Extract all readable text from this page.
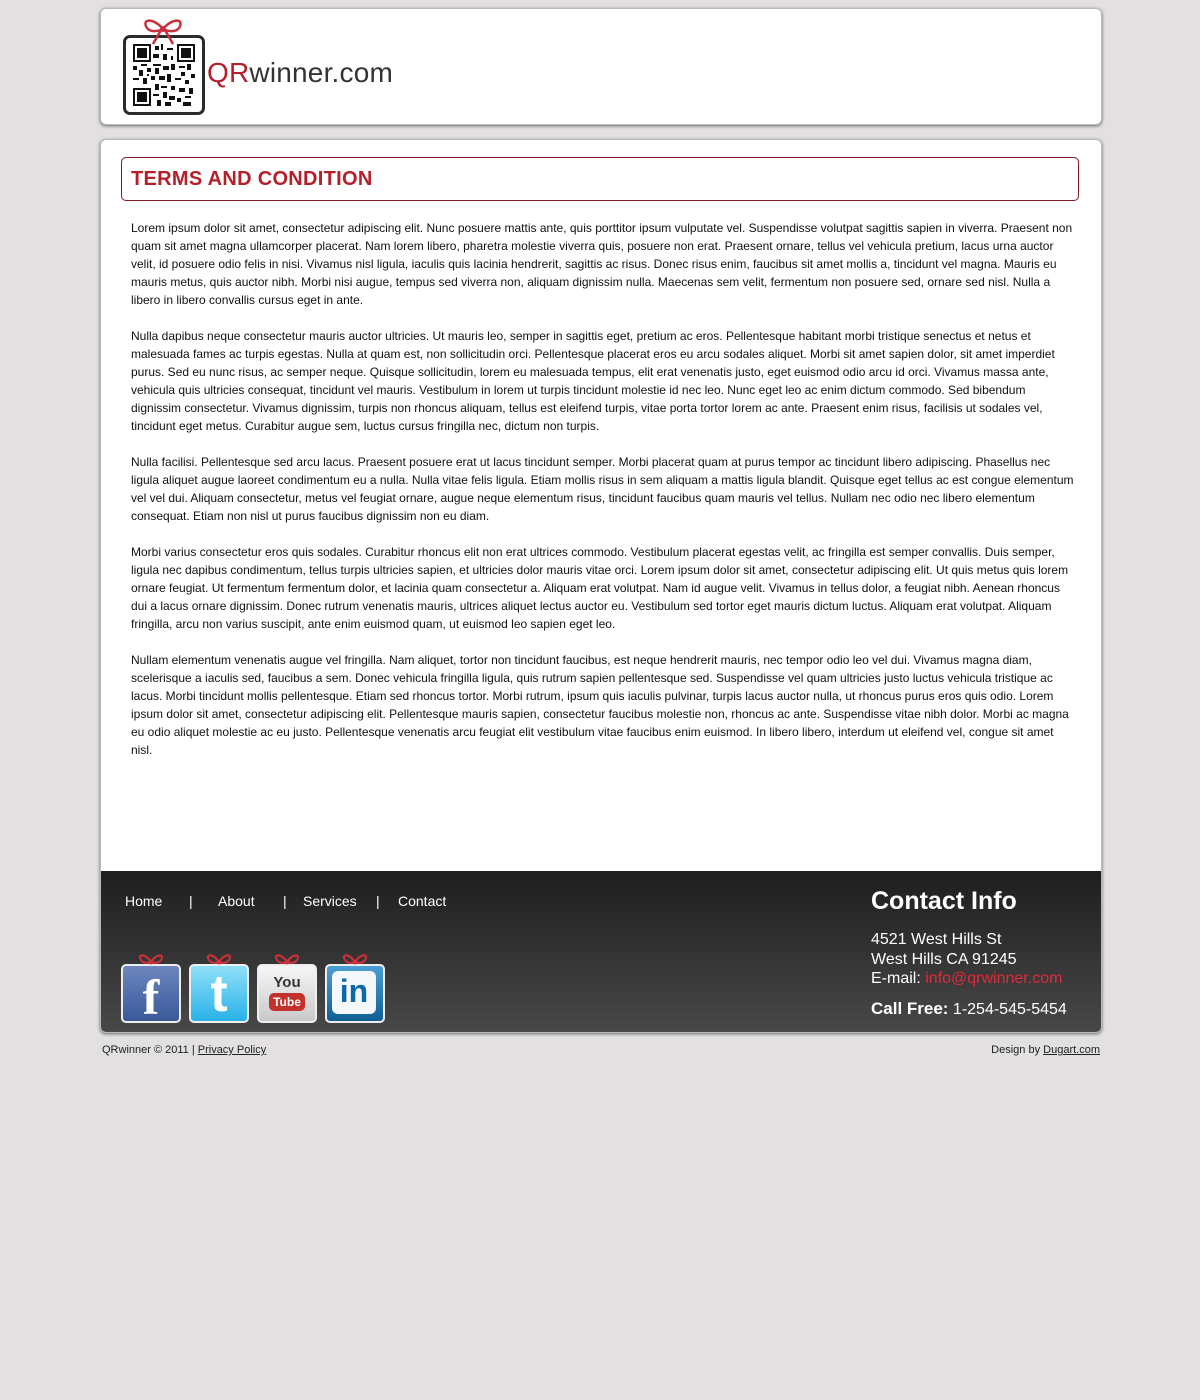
QRwinner.com
TERMS AND CONDITION

Lorem ipsum dolor sit amet, consectetur adipiscing elit. Nunc posuere mattis ante, quis porttitor ipsum vulputate vel. Suspendisse volutpat sagittis sapien in viverra. Praesent non quam sit amet magna ullamcorper placerat. Nam lorem libero, pharetra molestie viverra quis, posuere non erat. Praesent ornare, tellus vel vehicula pretium, lacus urna auctor velit, id posuere odio felis in nisi. Vivamus nisl ligula, iaculis quis lacinia hendrerit, sagittis ac risus. Donec risus enim, faucibus sit amet mollis a, tincidunt vel magna. Mauris eu mauris metus, quis auctor nibh. Morbi nisi augue, tempus sed viverra non, aliquam dignissim nulla. Maecenas sem velit, fermentum non posuere sed, ornare sed nisl. Nulla a libero in libero convallis cursus eget in ante.

Nulla dapibus neque consectetur mauris auctor ultricies. Ut mauris leo, semper in sagittis eget, pretium ac eros. Pellentesque habitant morbi tristique senectus et netus et malesuada fames ac turpis egestas. Nulla at quam est, non sollicitudin orci. Pellentesque placerat eros eu arcu sodales aliquet. Morbi sit amet sapien dolor, sit amet imperdiet purus. Sed eu nunc risus, ac semper neque. Quisque sollicitudin, lorem eu malesuada tempus, elit erat venenatis justo, eget euismod odio arcu id orci. Vivamus massa ante, vehicula quis ultricies consequat, tincidunt vel mauris. Vestibulum in lorem ut turpis tincidunt molestie id nec leo. Nunc eget leo ac enim dictum commodo. Sed bibendum dignissim consectetur. Vivamus dignissim, turpis non rhoncus aliquam, tellus est eleifend turpis, vitae porta tortor lorem ac ante. Praesent enim risus, facilisis ut sodales vel, tincidunt eget metus. Curabitur augue sem, luctus cursus fringilla nec, dictum non turpis.

Nulla facilisi. Pellentesque sed arcu lacus. Praesent posuere erat ut lacus tincidunt semper. Morbi placerat quam at purus tempor ac tincidunt libero adipiscing. Phasellus nec ligula aliquet augue laoreet condimentum eu a nulla. Nulla vitae felis ligula. Etiam mollis risus in sem aliquam a mattis ligula blandit. Quisque eget tellus ac est congue elementum vel vel dui. Aliquam consectetur, metus vel feugiat ornare, augue neque elementum risus, tincidunt faucibus quam mauris vel tellus. Nullam nec odio nec libero elementum consequat. Etiam non nisl ut purus faucibus dignissim non eu diam.

Morbi varius consectetur eros quis sodales. Curabitur rhoncus elit non erat ultrices commodo. Vestibulum placerat egestas velit, ac fringilla est semper convallis. Duis semper, ligula nec dapibus condimentum, tellus turpis ultricies sapien, et ultricies dolor mauris vitae orci. Lorem ipsum dolor sit amet, consectetur adipiscing elit. Ut quis metus quis lorem ornare feugiat. Ut fermentum fermentum dolor, et lacinia quam consectetur a. Aliquam erat volutpat. Nam id augue velit. Vivamus in tellus dolor, a feugiat nibh. Aenean rhoncus dui a lacus ornare dignissim. Donec rutrum venenatis mauris, ultrices aliquet lectus auctor eu. Vestibulum sed tortor eget mauris dictum luctus. Aliquam erat volutpat. Aliquam fringilla, arcu non varius suscipit, ante enim euismod quam, ut euismod leo sapien eget leo.

Nullam elementum venenatis augue vel fringilla. Nam aliquet, tortor non tincidunt faucibus, est neque hendrerit mauris, nec tempor odio leo vel dui. Vivamus magna diam, scelerisque a iaculis sed, faucibus a sem. Donec vehicula fringilla ligula, quis rutrum sapien pellentesque sed. Suspendisse vel quam ultricies justo luctus vehicula tristique ac lacus. Morbi tincidunt mollis pellentesque. Etiam sed rhoncus tortor. Morbi rutrum, ipsum quis iaculis pulvinar, turpis lacus auctor nulla, ut rhoncus purus eros quis odio. Lorem ipsum dolor sit amet, consectetur adipiscing elit. Pellentesque mauris sapien, consectetur faucibus molestie non, rhoncus ac ante. Suspendisse vitae nibh dolor. Morbi ac magna eu odio aliquet molestie ac eu justo. Pellentesque venenatis arcu feugiat elit vestibulum vitae faucibus enim euismod. In libero libero, interdum ut eleifend vel, congue sit amet nisl.

Home | About | Services | Contact
f t	You
Tube in
Contact Info
4521 West Hills St
West Hills CA 91245
E-mail: info@qrwinner.com
Call Free: 1-254-545-5454
QRwinner © 2011 | Privacy Policy	Design by Dugart.com
